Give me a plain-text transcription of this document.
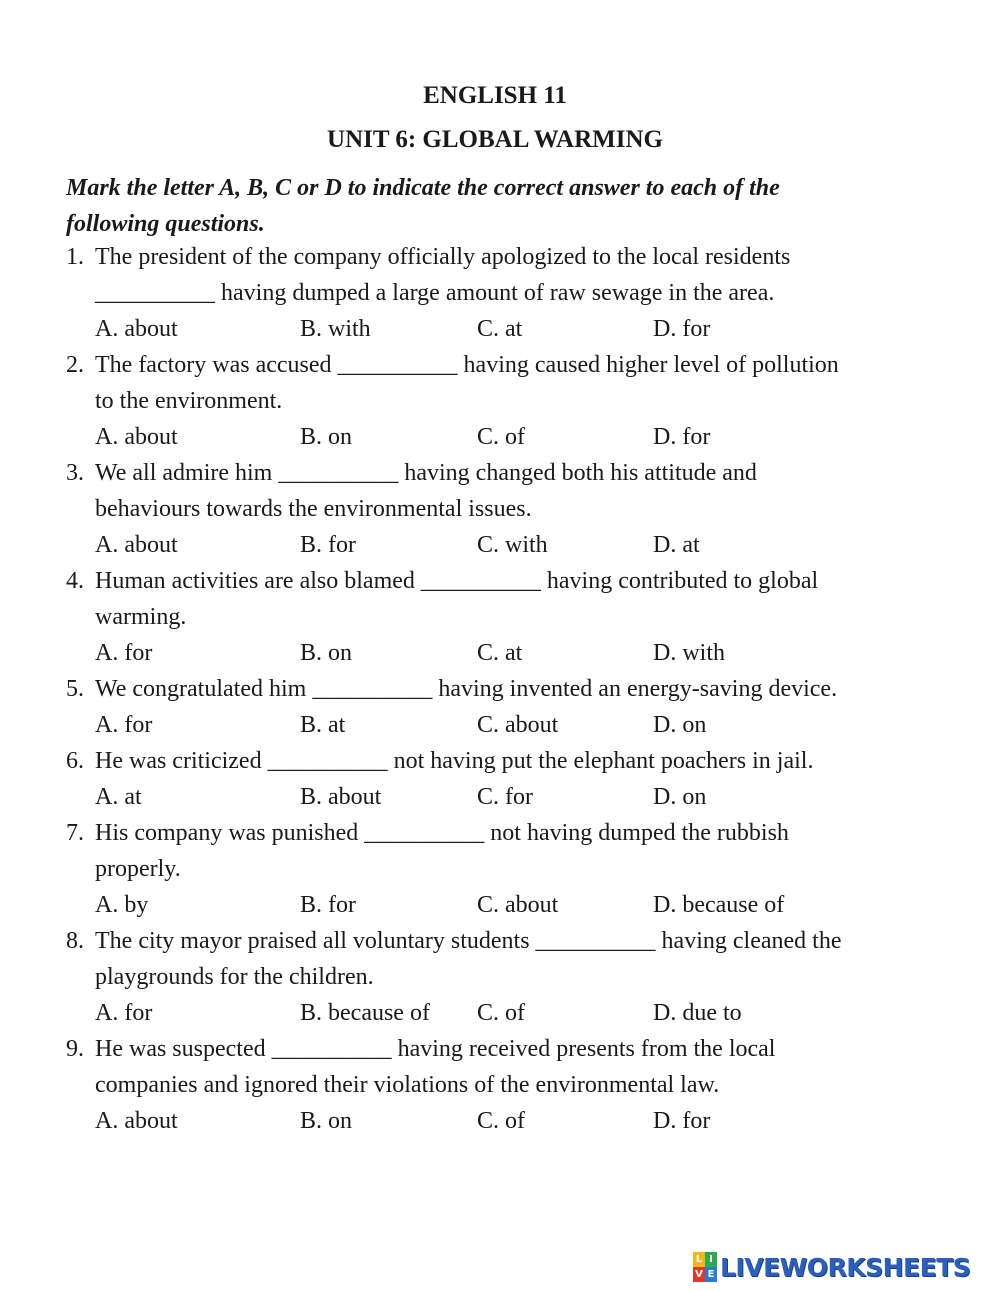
ENGLISH 11
UNIT 6: GLOBAL WARMING
Mark the letter A, B, C or D to indicate the correct answer to each of the
following questions.
1. The president of the company officially apologized to the local residents
__________ having dumped a large amount of raw sewage in the area.
A. about	B. with	C. at	D. for
2. The factory was accused __________ having caused higher level of pollution
to the environment.
A. about	B. on	C. of	D. for
3. We all admire him __________ having changed both his attitude and
behaviours towards the environmental issues.
A. about	B. for	C. with	D. at
4. Human activities are also blamed __________ having contributed to global
warming.
A. for	B. on	C. at	D. with
5. We congratulated him __________ having invented an energy-saving device.
A. for	B. at	C. about	D. on
6. He was criticized __________ not having put the elephant poachers in jail.
A. at	B. about	C. for	D. on
7. His company was punished __________ not having dumped the rubbish
properly.
A. by	B. for	C. about	D. because of
8. The city mayor praised all voluntary students __________ having cleaned the
playgrounds for the children.
A. for	B. because of	C. of	D. due to
9. He was suspected __________ having received presents from the local
companies and ignored their violations of the environmental law.
A. about	B. on	C. of	D. for
L I
V E LIVEWORKSHEETS
